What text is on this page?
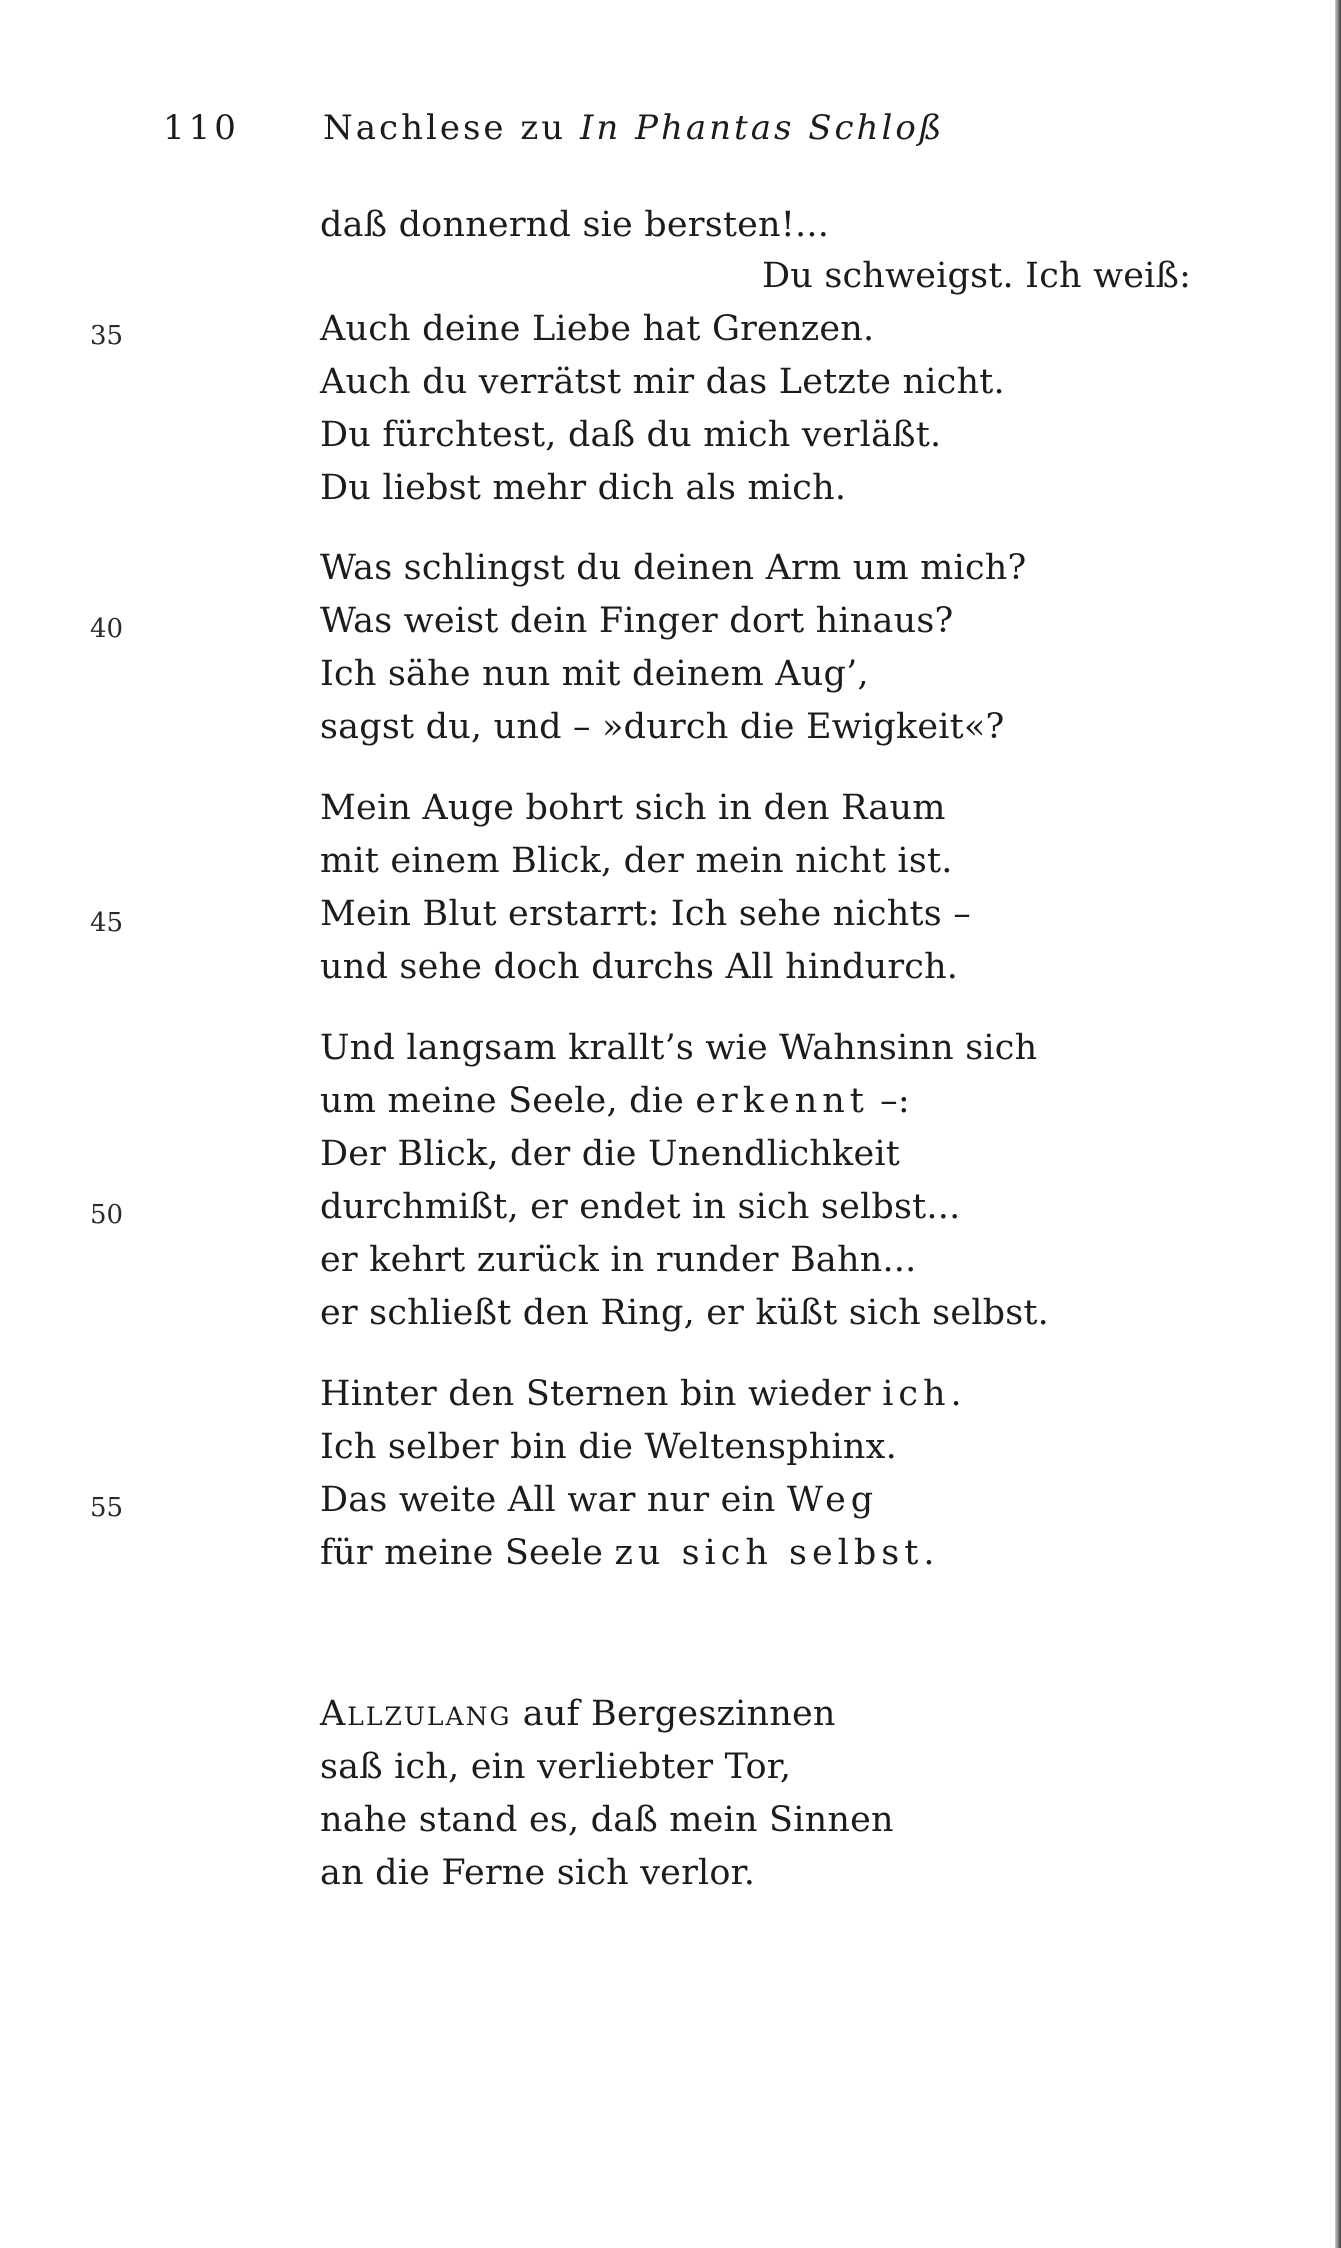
110 Nachlese zu In Phantas Schloß
35
40
45
50
55
daß donnernd sie bersten!...
Du schweigst. Ich weiß:
Auch deine Liebe hat Grenzen.
Auch du verrätst mir das Letzte nicht.
Du fürchtest, daß du mich verläßt.
Du liebst mehr dich als mich.
Was schlingst du deinen Arm um mich?
Was weist dein Finger dort hinaus?
Ich sähe nun mit deinem Aug’,
sagst du, und – »durch die Ewigkeit«?
Mein Auge bohrt sich in den Raum
mit einem Blick, der mein nicht ist.
Mein Blut erstarrt: Ich sehe nichts –
und sehe doch durchs All hindurch.
Und langsam krallt’s wie Wahnsinn sich
um meine Seele, die erkennt –:
Der Blick, der die Unendlichkeit
durchmißt, er endet in sich selbst...
er kehrt zurück in runder Bahn...
er schließt den Ring, er küßt sich selbst.
Hinter den Sternen bin wieder ich.
Ich selber bin die Weltensphinx.
Das weite All war nur ein Weg
für meine Seele zu sich selbst.
Allzulang auf Bergeszinnen
saß ich, ein verliebter Tor,
nahe stand es, daß mein Sinnen
an die Ferne sich verlor.
